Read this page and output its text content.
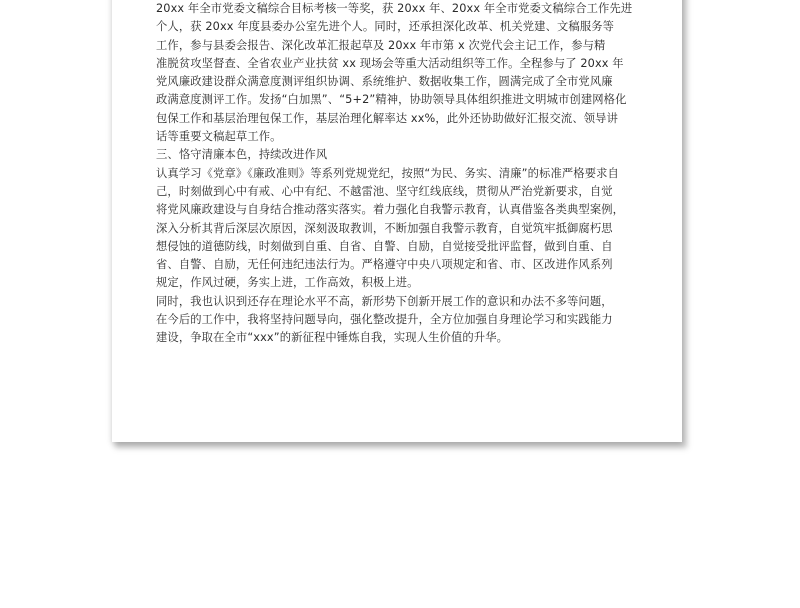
20xx 年全市党委文稿综合目标考核一等奖，获 20xx 年、20xx 年全市党委文稿综合工作先进
个人，获 20xx 年度县委办公室先进个人。同时，还承担深化改革、机关党建、文稿服务等
工作，参与县委会报告、深化改革汇报起草及 20xx 年市第 x 次党代会主记工作，参与精
准脱贫攻坚督查、全省农业产业扶贫 xx 现场会等重大活动组织等工作。全程参与了 20xx 年
党风廉政建设群众满意度测评组织协调、系统维护、数据收集工作，圆满完成了全市党风廉
政满意度测评工作。发扬“白加黑”、“5+2”精神，协助领导具体组织推进文明城市创建网格化
包保工作和基层治理包保工作，基层治理化解率达 xx%，此外还协助做好汇报交流、领导讲
话等重要文稿起草工作。
三、恪守清廉本色，持续改进作风
认真学习《党章》《廉政准则》等系列党规党纪，按照“为民、务实、清廉”的标准严格要求自
己，时刻做到心中有戒、心中有纪、不越雷池、坚守红线底线，贯彻从严治党新要求，自觉
将党风廉政建设与自身结合推动落实落实。着力强化自我警示教育，认真借鉴各类典型案例，
深入分析其背后深层次原因，深刻汲取教训，不断加强自我警示教育，自觉筑牢抵御腐朽思
想侵蚀的道德防线，时刻做到自重、自省、自警、自励，自觉接受批评监督，做到自重、自
省、自警、自励，无任何违纪违法行为。严格遵守中央八项规定和省、市、区改进作风系列
规定，作风过硬，务实上进，工作高效，积极上进。
同时，我也认识到还存在理论水平不高，新形势下创新开展工作的意识和办法不多等问题，
在今后的工作中，我将坚持问题导向，强化整改提升，全方位加强自身理论学习和实践能力
建设，争取在全市“xxx”的新征程中锤炼自我，实现人生价值的升华。
